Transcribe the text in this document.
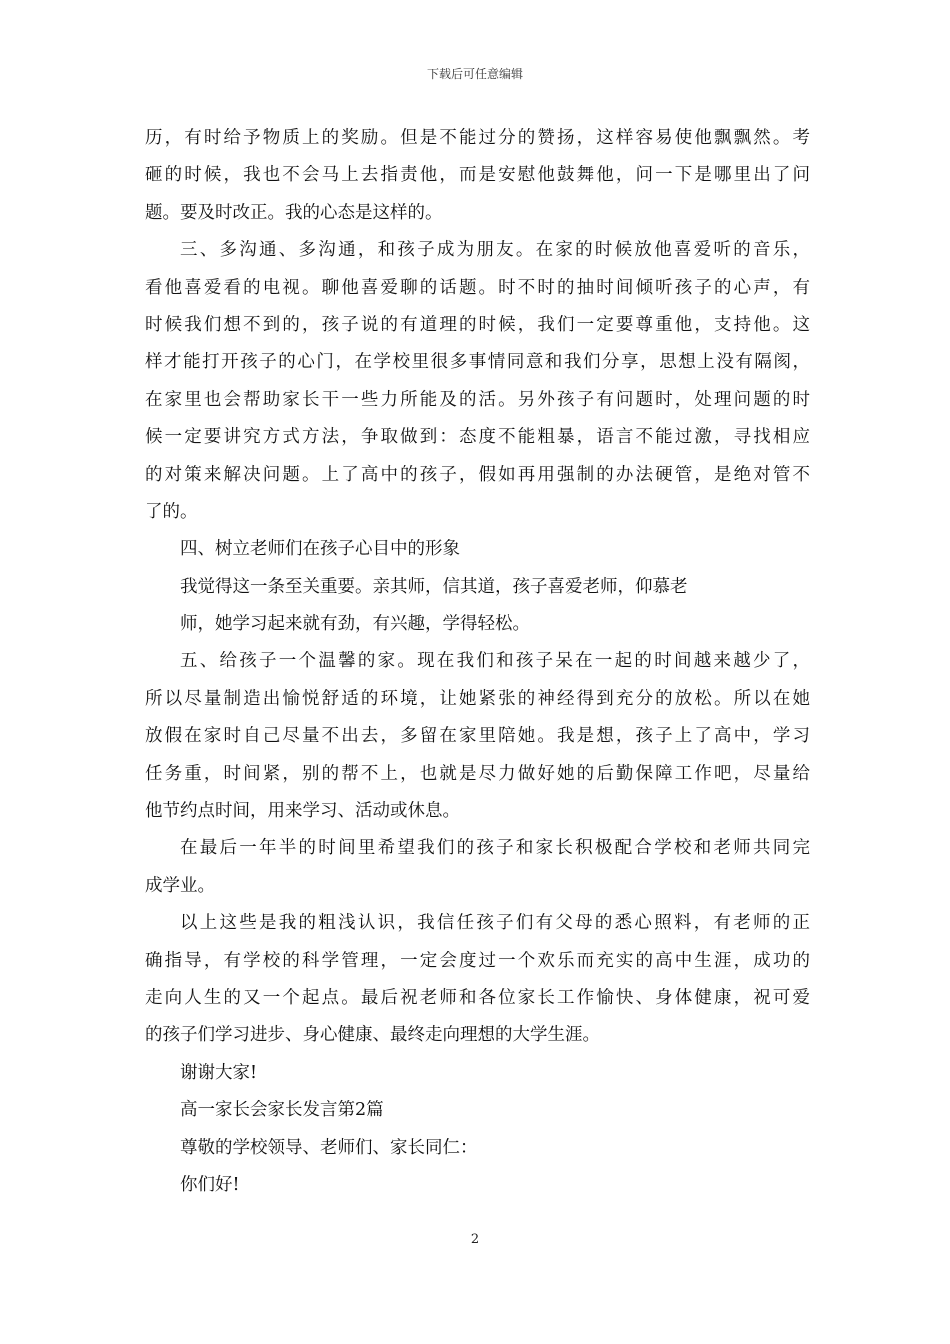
下载后可任意编辑
历，有时给予物质上的奖励。但是不能过分的赞扬，这样容易使他飘飘然。考
砸的时候，我也不会马上去指责他，而是安慰他鼓舞他，问一下是哪里出了问
题。要及时改正。我的心态是这样的。
三、多沟通、多沟通，和孩子成为朋友。在家的时候放他喜爱听的音乐，
看他喜爱看的电视。聊他喜爱聊的话题。时不时的抽时间倾听孩子的心声，有
时候我们想不到的，孩子说的有道理的时候，我们一定要尊重他，支持他。这
样才能打开孩子的心门，在学校里很多事情同意和我们分享，思想上没有隔阂，
在家里也会帮助家长干一些力所能及的活。另外孩子有问题时，处理问题的时
候一定要讲究方式方法，争取做到：态度不能粗暴，语言不能过激，寻找相应
的对策来解决问题。上了高中的孩子，假如再用强制的办法硬管，是绝对管不
了的。
四、树立老师们在孩子心目中的形象
我觉得这一条至关重要。亲其师，信其道，孩子喜爱老师，仰慕老
师，她学习起来就有劲，有兴趣，学得轻松。
五、给孩子一个温馨的家。现在我们和孩子呆在一起的时间越来越少了，
所以尽量制造出愉悦舒适的环境，让她紧张的神经得到充分的放松。所以在她
放假在家时自己尽量不出去，多留在家里陪她。我是想，孩子上了高中，学习
任务重，时间紧，别的帮不上，也就是尽力做好她的后勤保障工作吧，尽量给
他节约点时间，用来学习、活动或休息。
在最后一年半的时间里希望我们的孩子和家长积极配合学校和老师共同完
成学业。
以上这些是我的粗浅认识，我信任孩子们有父母的悉心照料，有老师的正
确指导，有学校的科学管理，一定会度过一个欢乐而充实的高中生涯，成功的
走向人生的又一个起点。最后祝老师和各位家长工作愉快、身体健康，祝可爱
的孩子们学习进步、身心健康、最终走向理想的大学生涯。
谢谢大家!
高一家长会家长发言第2篇
尊敬的学校领导、老师们、家长同仁：
你们好!
2
